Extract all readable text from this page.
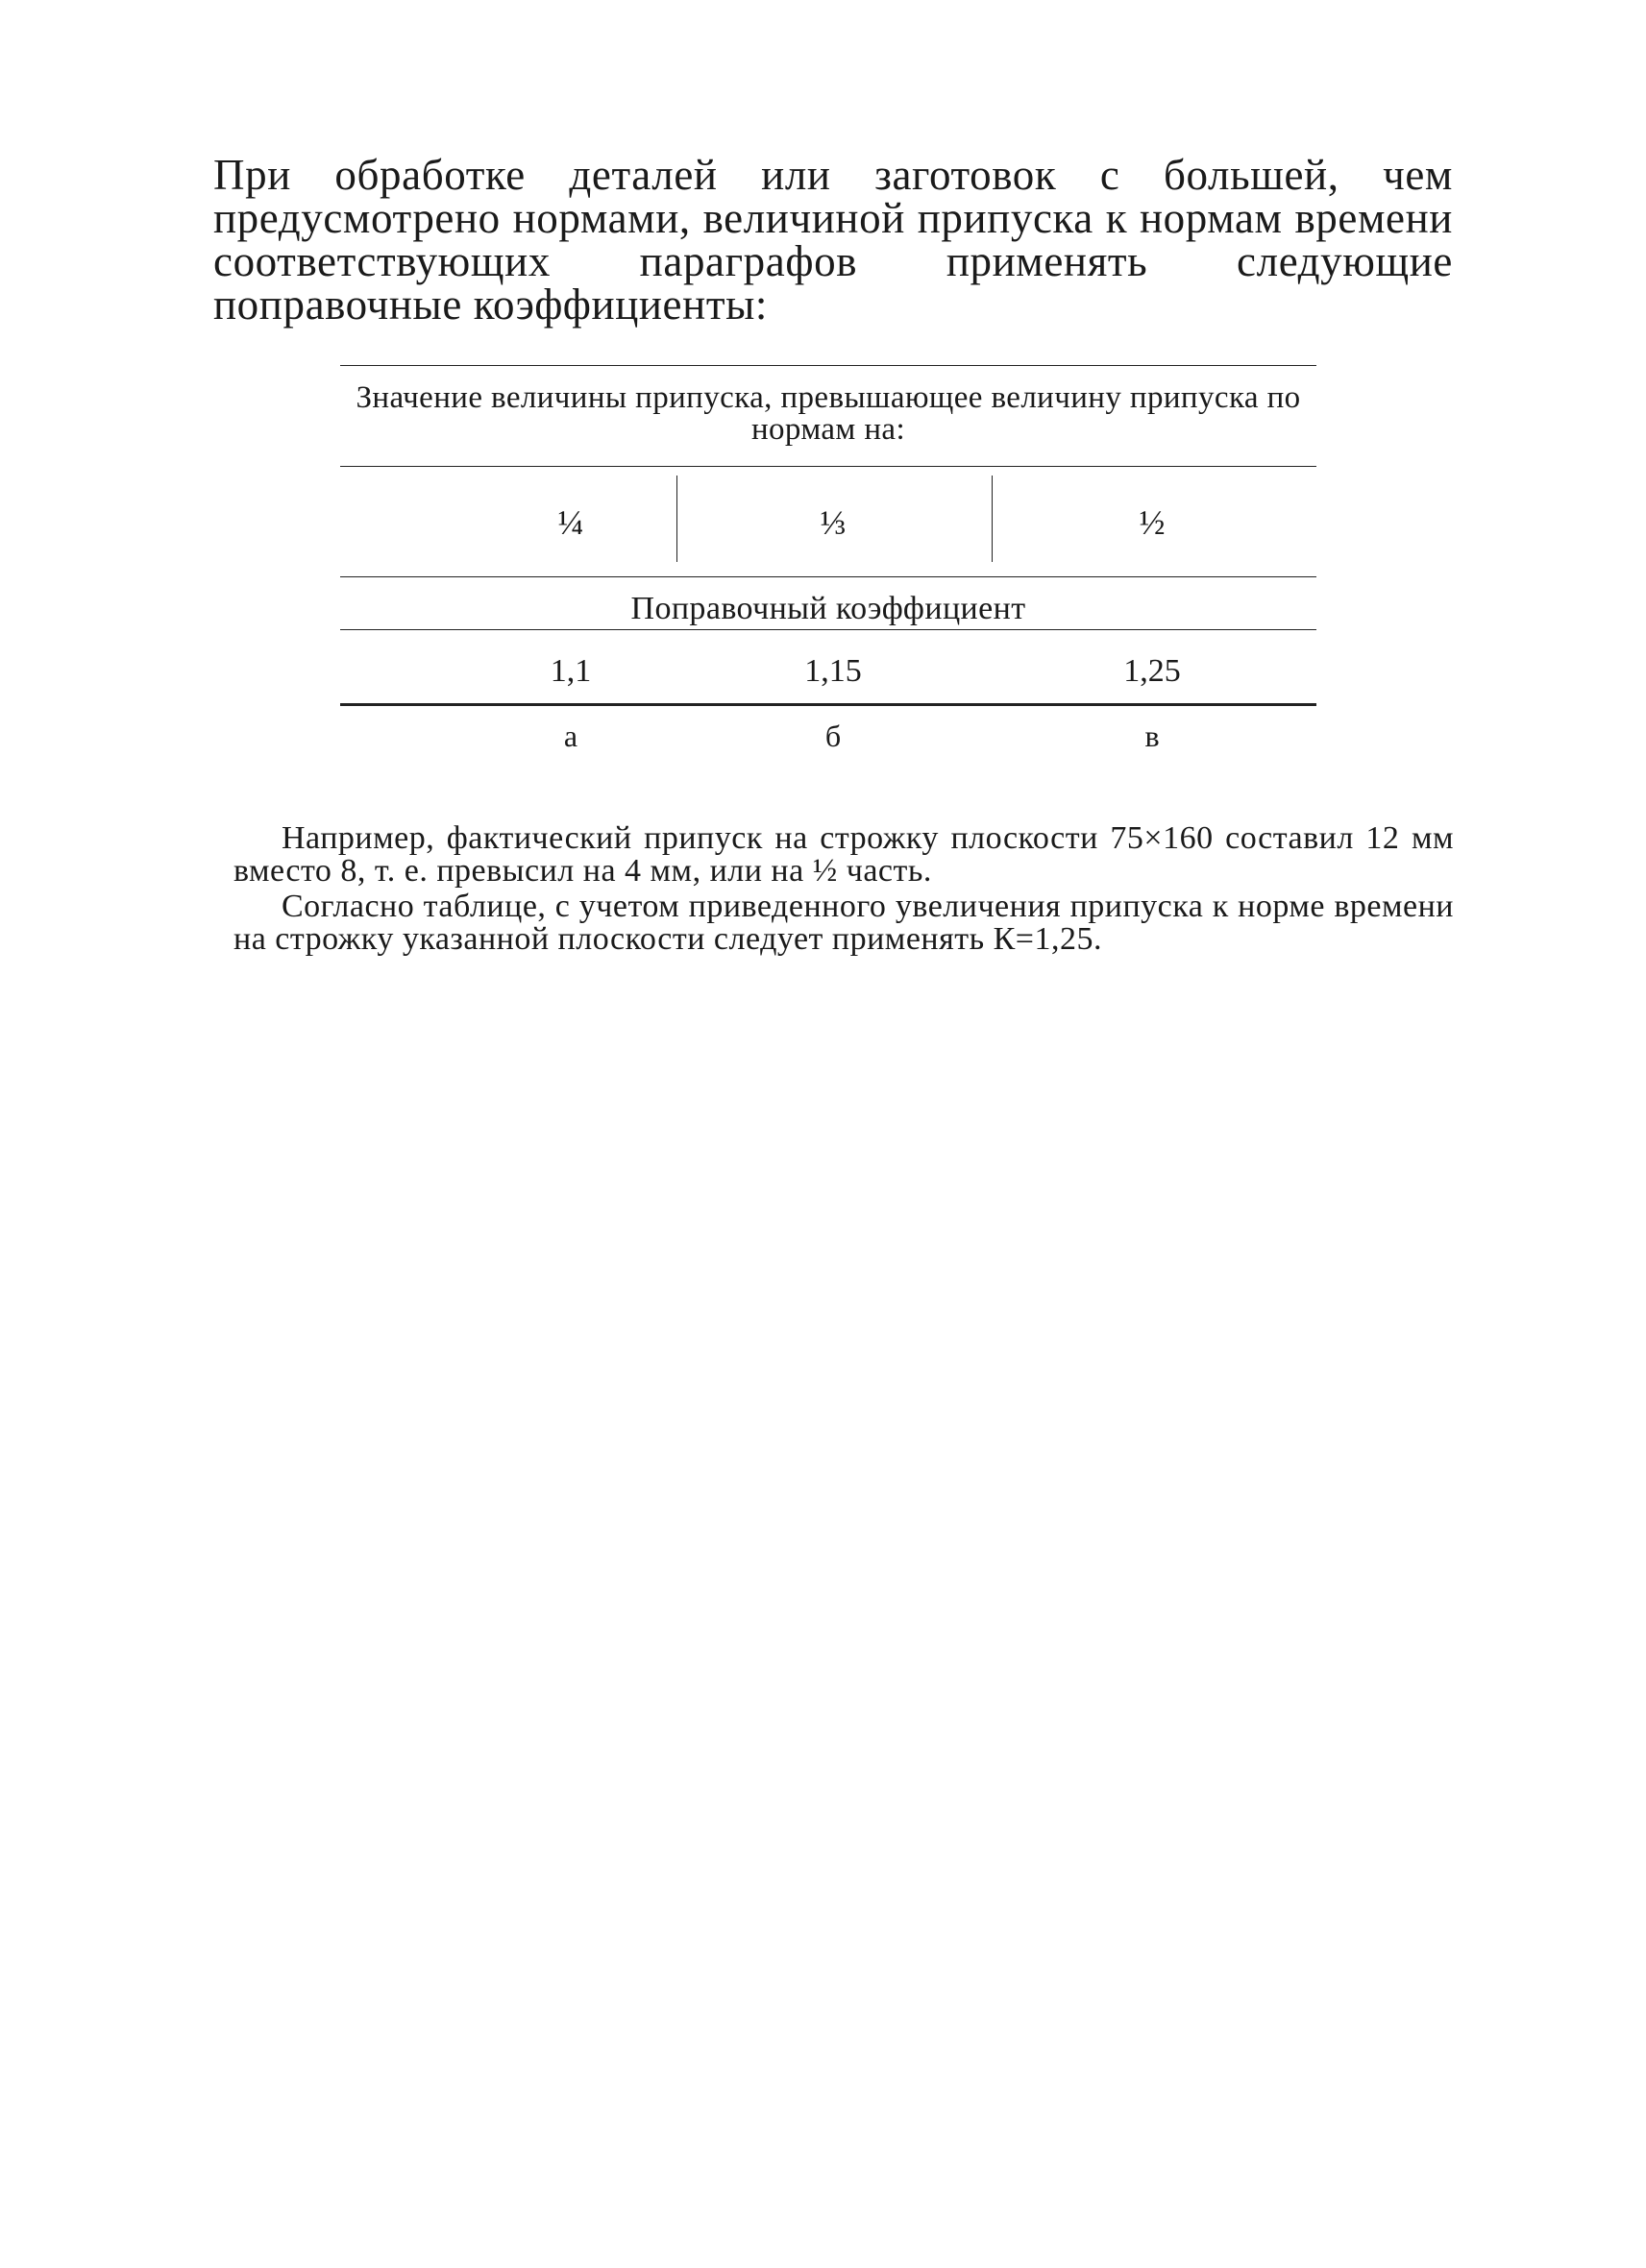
При обработке деталей или заготовок с большей, чем предусмотрено нормами, величиной припуска к нормам времени соответствующих параграфов применять следующие поправочные коэффициенты:

Значение величины припуска, превышающее величину припуска по нормам на:
¼	⅓	½
Поправочный коэффициент
1,1	1,15	1,25
а	б	в

Например, фактический припуск на строжку плоскости 75×160 составил 12 мм вместо 8, т. е. превысил на 4 мм, или на ½ часть.

Согласно таблице, с учетом приведенного увеличения припуска к норме времени на строжку указанной плоскости следует применять К=1,25.
